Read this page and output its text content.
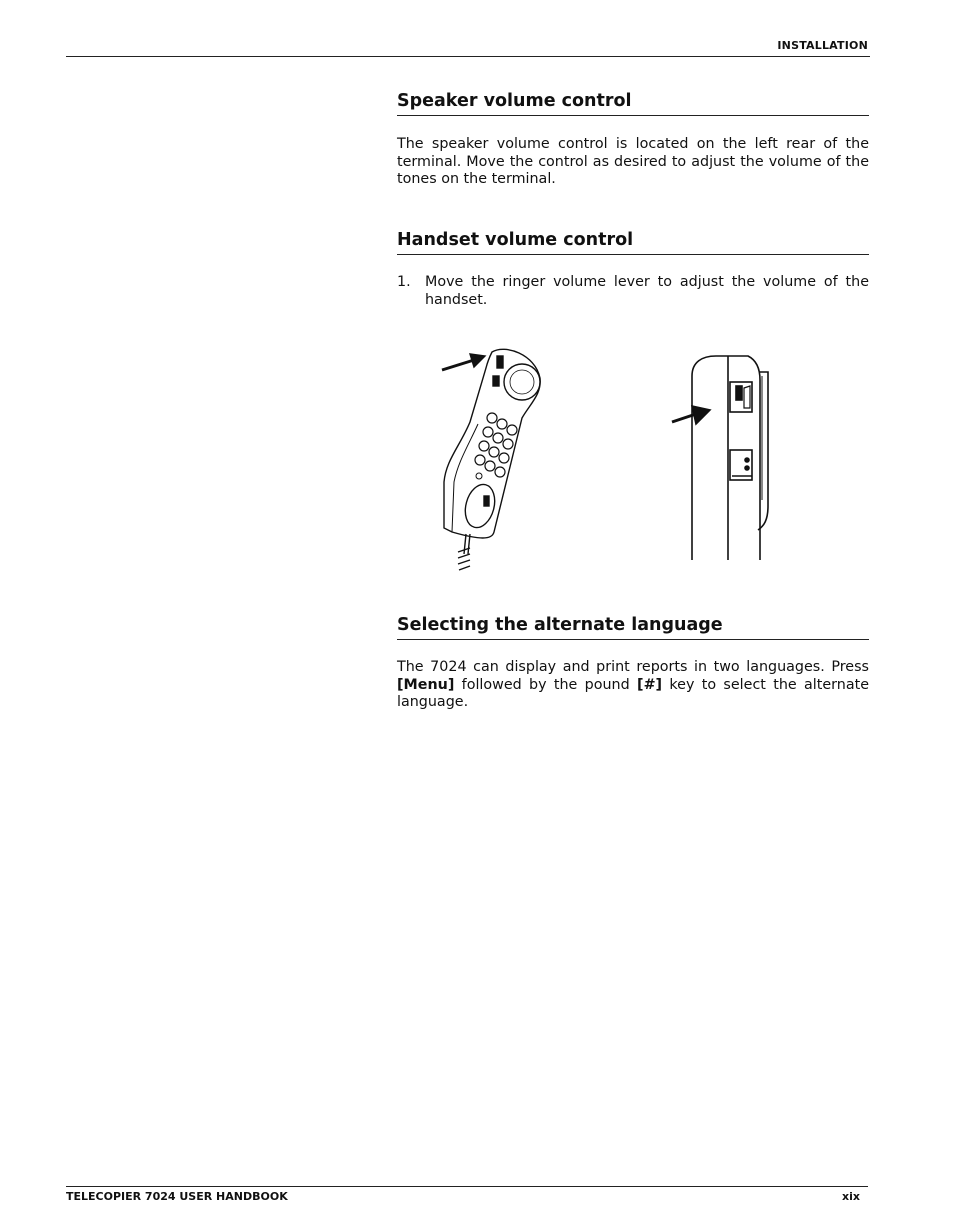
INSTALLATION
Speaker volume control

The speaker volume control is located on the left rear of the terminal. Move the control as desired to adjust the volume of the tones on the terminal.

Handset volume control
1.	Move the ringer volume lever to adjust the volume of the handset.
Selecting the alternate language

The 7024 can display and print reports in two languages. Press [Menu] followed by the pound [#] key to select the alternate language.

TELECOPIER 7024 USER HANDBOOK	xix
